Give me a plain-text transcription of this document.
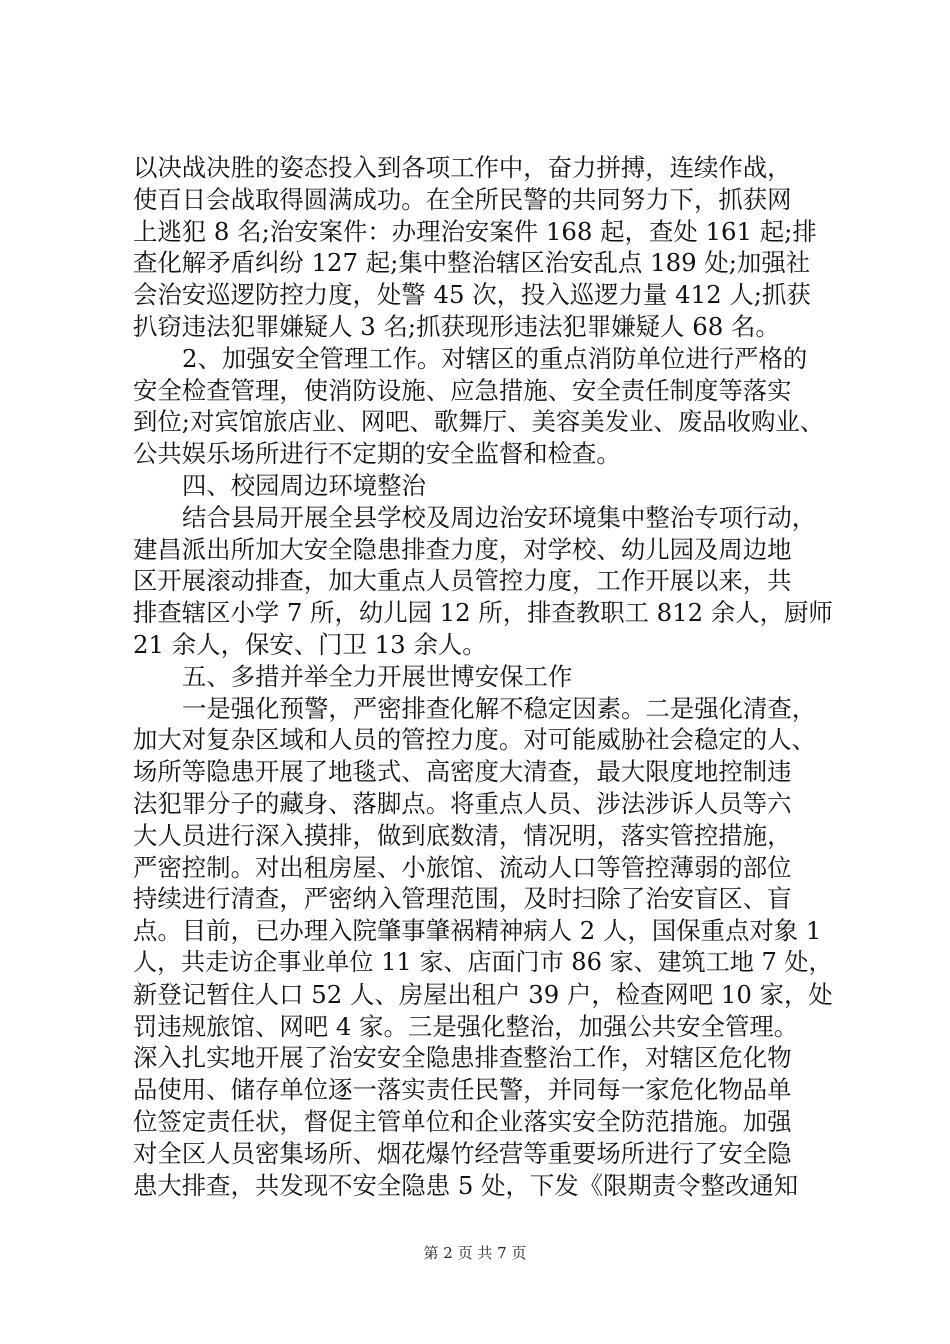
以决战决胜的姿态投入到各项工作中，奋力拼搏，连续作战，
使百日会战取得圆满成功。在全所民警的共同努力下，抓获网
上逃犯 8 名;治安案件：办理治安案件 168 起，查处 161 起;排
查化解矛盾纠纷 127 起;集中整治辖区治安乱点 189 处;加强社
会治安巡逻防控力度，处警 45 次，投入巡逻力量 412 人;抓获
扒窃违法犯罪嫌疑人 3 名;抓获现形违法犯罪嫌疑人 68 名。
2、加强安全管理工作。对辖区的重点消防单位进行严格的
安全检查管理，使消防设施、应急措施、安全责任制度等落实
到位;对宾馆旅店业、网吧、歌舞厅、美容美发业、废品收购业、
公共娱乐场所进行不定期的安全监督和检查。
四、校园周边环境整治
结合县局开展全县学校及周边治安环境集中整治专项行动，
建昌派出所加大安全隐患排查力度，对学校、幼儿园及周边地
区开展滚动排查，加大重点人员管控力度，工作开展以来，共
排查辖区小学 7 所，幼儿园 12 所，排查教职工 812 余人，厨师
21 余人，保安、门卫 13 余人。
五、多措并举全力开展世博安保工作
一是强化预警，严密排查化解不稳定因素。二是强化清查，
加大对复杂区域和人员的管控力度。对可能威胁社会稳定的人、
场所等隐患开展了地毯式、高密度大清查，最大限度地控制违
法犯罪分子的藏身、落脚点。将重点人员、涉法涉诉人员等六
大人员进行深入摸排，做到底数清，情况明，落实管控措施，
严密控制。对出租房屋、小旅馆、流动人口等管控薄弱的部位
持续进行清查，严密纳入管理范围，及时扫除了治安盲区、盲
点。目前，已办理入院肇事肇祸精神病人 2 人，国保重点对象 1
人，共走访企事业单位 11 家、店面门市 86 家、建筑工地 7 处，
新登记暂住人口 52 人、房屋出租户 39 户，检查网吧 10 家，处
罚违规旅馆、网吧 4 家。三是强化整治，加强公共安全管理。
深入扎实地开展了治安安全隐患排查整治工作，对辖区危化物
品使用、储存单位逐一落实责任民警，并同每一家危化物品单
位签定责任状，督促主管单位和企业落实安全防范措施。加强
对全区人员密集场所、烟花爆竹经营等重要场所进行了安全隐
患大排查，共发现不安全隐患 5 处，下发《限期责令整改通知
第 2 页 共 7 页
